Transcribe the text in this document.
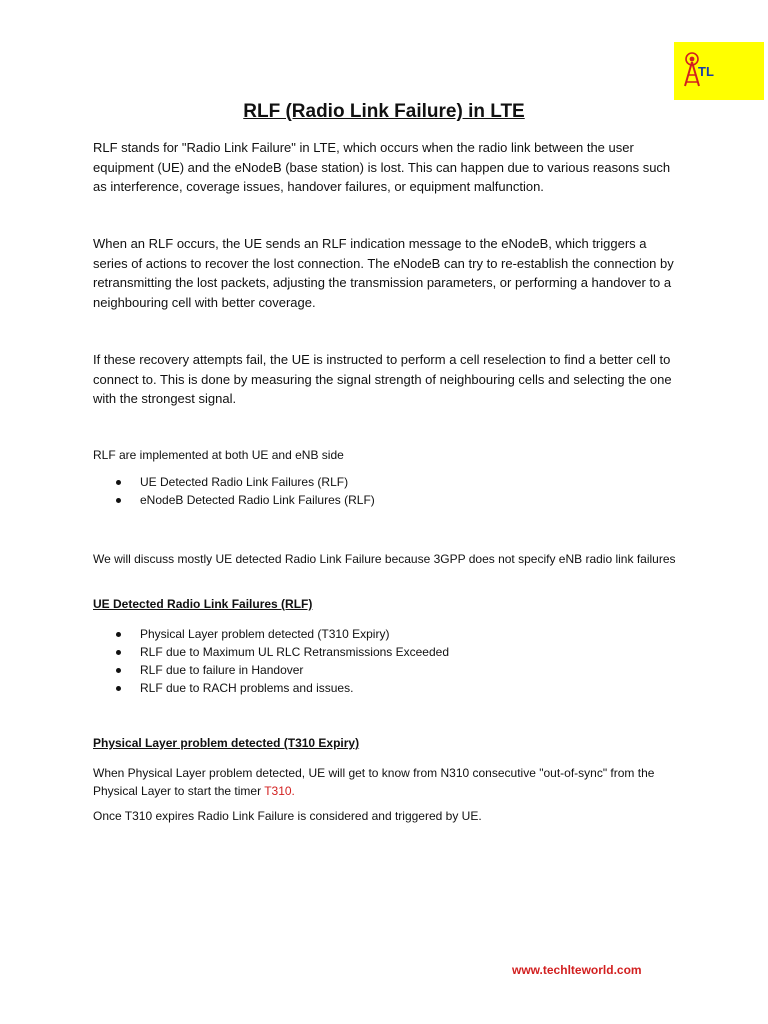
TL
RLF (Radio Link Failure) in LTE

RLF stands for "Radio Link Failure" in LTE, which occurs when the radio link between the user equipment (UE) and the eNodeB (base station) is lost. This can happen due to various reasons such as interference, coverage issues, handover failures, or equipment malfunction.

When an RLF occurs, the UE sends an RLF indication message to the eNodeB, which triggers a series of actions to recover the lost connection. The eNodeB can try to re-establish the connection by retransmitting the lost packets, adjusting the transmission parameters, or performing a handover to a neighbouring cell with better coverage.

If these recovery attempts fail, the UE is instructed to perform a cell reselection to find a better cell to connect to. This is done by measuring the signal strength of neighbouring cells and selecting the one with the strongest signal.

RLF are implemented at both UE and eNB side

UE Detected Radio Link Failures (RLF)
eNodeB Detected Radio Link Failures (RLF)

We will discuss mostly UE detected Radio Link Failure because 3GPP does not specify eNB radio link failures

UE Detected Radio Link Failures (RLF)

Physical Layer problem detected (T310 Expiry)
RLF due to Maximum UL RLC Retransmissions Exceeded
RLF due to failure in Handover
RLF due to RACH problems and issues.

Physical Layer problem detected (T310 Expiry)

When Physical Layer problem detected, UE will get to know from N310 consecutive "out-of-sync" from the Physical Layer to start the timer T310.

Once T310 expires Radio Link Failure is considered and triggered by UE.

www.techlteworld.com
